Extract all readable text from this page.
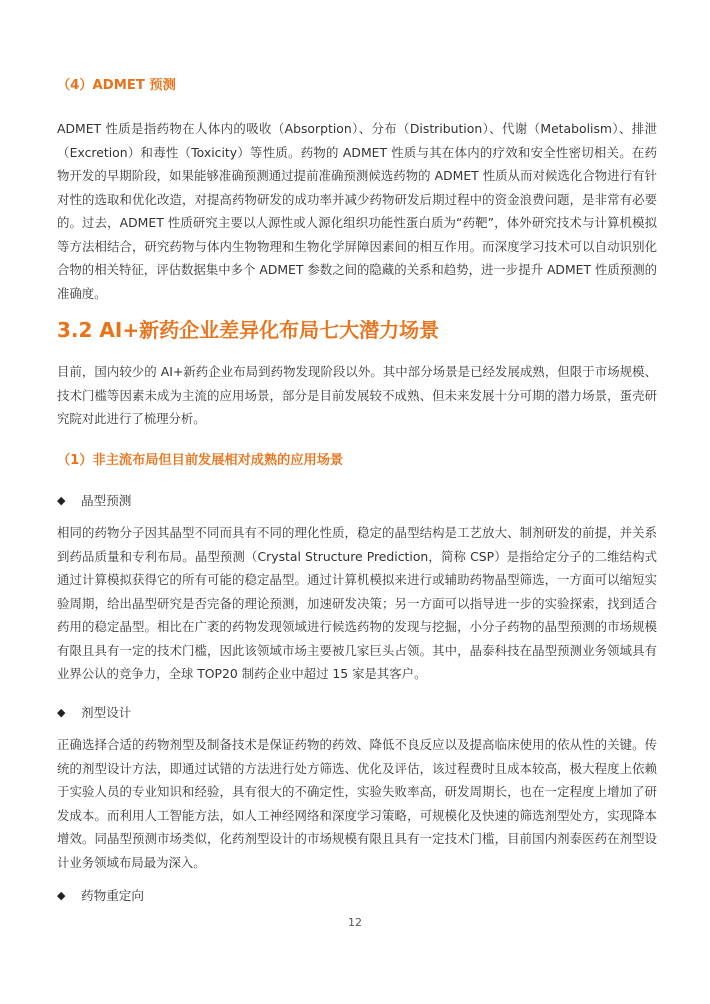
（4）ADMET 预测

ADMET 性质是指药物在人体内的吸收（Absorption）、分布（Distribution）、代谢（Metabolism）、排泄（Excretion）和毒性（Toxicity）等性质。药物的 ADMET 性质与其在体内的疗效和安全性密切相关。在药物开发的早期阶段，如果能够准确预测通过提前准确预测候选药物的 ADMET 性质从而对候选化合物进行有针对性的选取和优化改造，对提高药物研发的成功率并减少药物研发后期过程中的资金浪费问题，是非常有必要的。过去，ADMET 性质研究主要以人源性或人源化组织功能性蛋白质为“药靶”，体外研究技术与计算机模拟等方法相结合，研究药物与体内生物物理和生物化学屏障因素间的相互作用。而深度学习技术可以自动识别化合物的相关特征，评估数据集中多个 ADMET 参数之间的隐藏的关系和趋势，进一步提升 ADMET 性质预测的准确度。

3.2 AI+新药企业差异化布局七大潜力场景

目前，国内较少的 AI+新药企业布局到药物发现阶段以外。其中部分场景是已经发展成熟，但限于市场规模、技术门槛等因素未成为主流的应用场景，部分是目前发展较不成熟、但未来发展十分可期的潜力场景，蛋壳研究院对此进行了梳理分析。

（1）非主流布局但目前发展相对成熟的应用场景
◆	晶型预测

相同的药物分子因其晶型不同而具有不同的理化性质，稳定的晶型结构是工艺放大、制剂研发的前提，并关系到药品质量和专利布局。晶型预测（Crystal Structure Prediction，简称 CSP）是指给定分子的二维结构式通过计算模拟获得它的所有可能的稳定晶型。通过计算机模拟来进行或辅助药物晶型筛选，一方面可以缩短实验周期，给出晶型研究是否完备的理论预测，加速研发决策；另一方面可以指导进一步的实验探索，找到适合药用的稳定晶型。相比在广袤的药物发现领域进行候选药物的发现与挖掘，小分子药物的晶型预测的市场规模有限且具有一定的技术门槛，因此该领域市场主要被几家巨头占领。其中，晶泰科技在晶型预测业务领域具有业界公认的竞争力，全球 TOP20 制药企业中超过 15 家是其客户。

◆	剂型设计

正确选择合适的药物剂型及制备技术是保证药物的药效、降低不良反应以及提高临床使用的依从性的关键。传统的剂型设计方法，即通过试错的方法进行处方筛选、优化及评估，该过程费时且成本较高，极大程度上依赖于实验人员的专业知识和经验，具有很大的不确定性，实验失败率高，研发周期长，也在一定程度上增加了研发成本。而利用人工智能方法，如人工神经网络和深度学习策略，可规模化及快速的筛选剂型处方，实现降本增效。同晶型预测市场类似，化药剂型设计的市场规模有限且具有一定技术门槛，目前国内剂泰医药在剂型设计业务领域布局最为深入。

◆	药物重定向
12
